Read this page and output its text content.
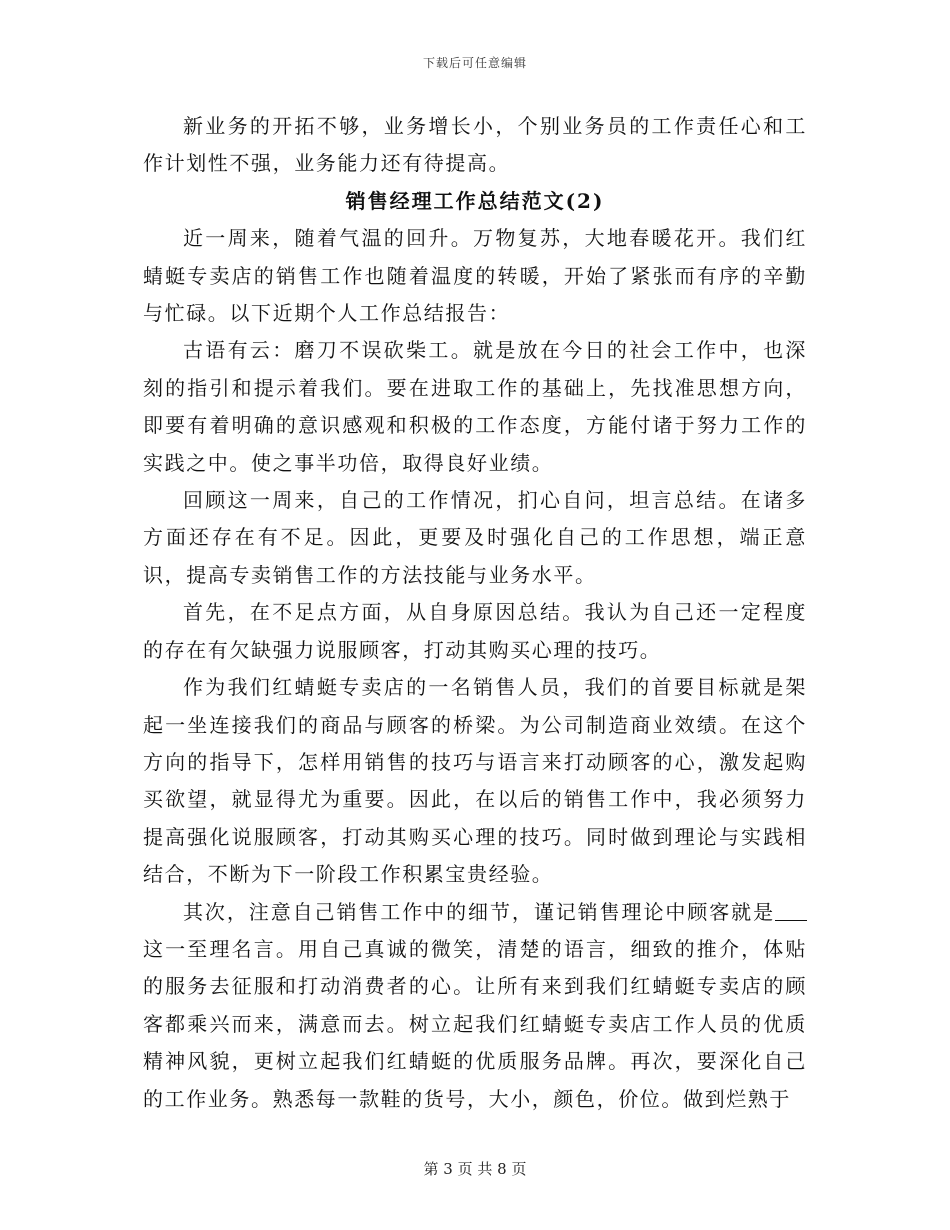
下载后可任意编辑

新业务的开拓不够，业务增长小，个别业务员的工作责任心和工作计划性不强，业务能力还有待提高。

销售经理工作总结范文(2)

近一周来，随着气温的回升。万物复苏，大地春暖花开。我们红蜻蜓专卖店的销售工作也随着温度的转暖，开始了紧张而有序的辛勤与忙碌。以下近期个人工作总结报告：

古语有云：磨刀不误砍柴工。就是放在今日的社会工作中，也深刻的指引和提示着我们。要在进取工作的基础上，先找准思想方向，即要有着明确的意识感观和积极的工作态度，方能付诸于努力工作的实践之中。使之事半功倍，取得良好业绩。

回顾这一周来，自己的工作情况，扪心自问，坦言总结。在诸多方面还存在有不足。因此，更要及时强化自己的工作思想，端正意识，提高专卖销售工作的方法技能与业务水平。

首先，在不足点方面，从自身原因总结。我认为自己还一定程度的存在有欠缺强力说服顾客，打动其购买心理的技巧。

作为我们红蜻蜓专卖店的一名销售人员，我们的首要目标就是架起一坐连接我们的商品与顾客的桥梁。为公司制造商业效绩。在这个方向的指导下，怎样用销售的技巧与语言来打动顾客的心，激发起购买欲望，就显得尤为重要。因此，在以后的销售工作中，我必须努力提高强化说服顾客，打动其购买心理的技巧。同时做到理论与实践相结合，不断为下一阶段工作积累宝贵经验。

其次，注意自己销售工作中的细节，谨记销售理论中顾客就是这一至理名言。用自己真诚的微笑，清楚的语言，细致的推介，体贴的服务去征服和打动消费者的心。让所有来到我们红蜻蜓专卖店的顾客都乘兴而来，满意而去。树立起我们红蜻蜓专卖店工作人员的优质精神风貌，更树立起我们红蜻蜓的优质服务品牌。再次，要深化自己的工作业务。熟悉每一款鞋的货号，大小，颜色，价位。做到烂熟于

第 3 页 共 8 页
